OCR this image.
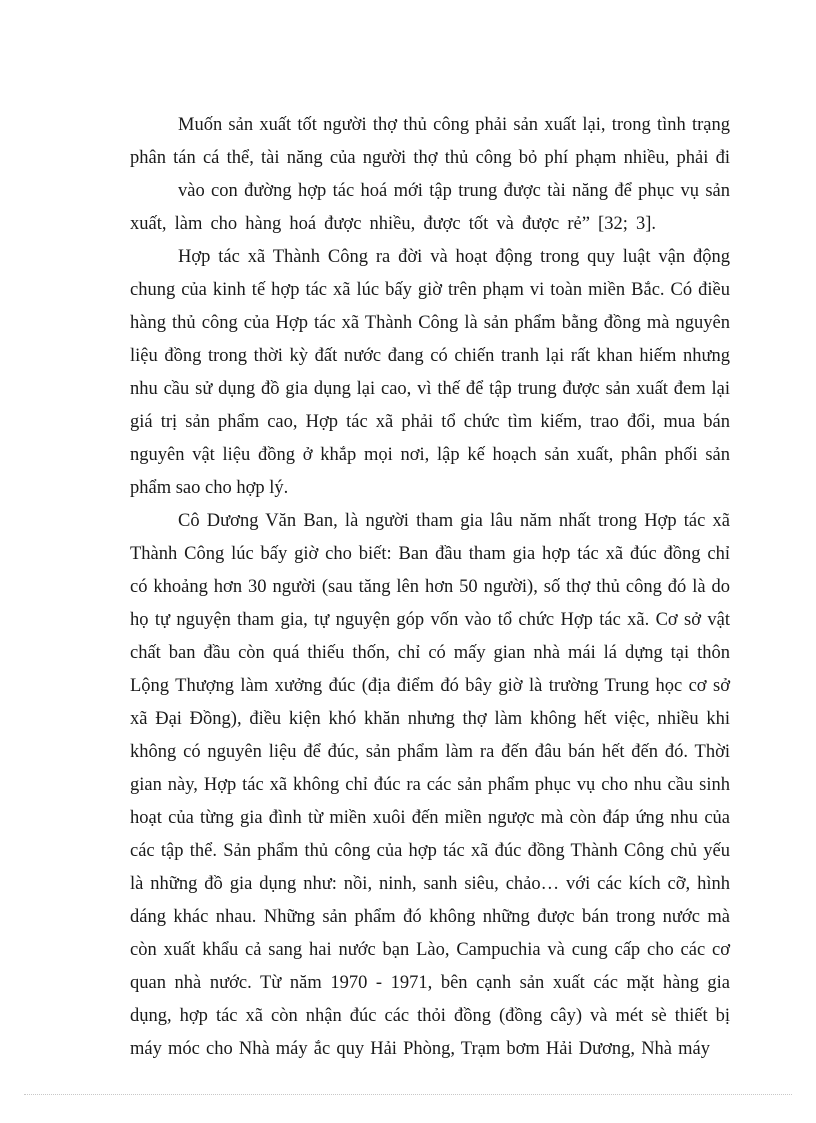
Muốn sản xuất tốt người thợ thủ công phải sản xuất lại, trong tình trạng
phân tán cá thể, tài năng của người thợ thủ công bỏ phí phạm nhiều, phải đi
vào con đường hợp tác hoá mới tập trung được tài năng để phục vụ sản
xuất, làm cho hàng hoá được nhiều, được tốt và được rẻ” [32; 3].
Hợp tác xã Thành Công ra đời và hoạt động trong quy luật vận động
chung của kinh tế hợp tác xã lúc bấy giờ trên phạm vi toàn miền Bắc. Có điều
hàng thủ công của Hợp tác xã Thành Công là sản phẩm bằng đồng mà nguyên
liệu đồng trong thời kỳ đất nước đang có chiến tranh lại rất khan hiếm nhưng
nhu cầu sử dụng đồ gia dụng lại cao, vì thế để tập trung được sản xuất đem lại
giá trị sản phẩm cao, Hợp tác xã phải tổ chức tìm kiếm, trao đổi, mua bán
nguyên vật liệu đồng ở khắp mọi nơi, lập kế hoạch sản xuất, phân phối sản
phẩm sao cho hợp lý.
Cô Dương Văn Ban, là người tham gia lâu năm nhất trong Hợp tác xã
Thành Công lúc bấy giờ cho biết: Ban đầu tham gia hợp tác xã đúc đồng chỉ
có khoảng hơn 30 người (sau tăng lên hơn 50 người), số thợ thủ công đó là do
họ tự nguyện tham gia, tự nguyện góp vốn vào tổ chức Hợp tác xã. Cơ sở vật
chất ban đầu còn quá thiếu thốn, chỉ có mấy gian nhà mái lá dựng tại thôn
Lộng Thượng làm xưởng đúc (địa điểm đó bây giờ là trường Trung học cơ sở
xã Đại Đồng), điều kiện khó khăn nhưng thợ làm không hết việc, nhiều khi
không có nguyên liệu để đúc, sản phẩm làm ra đến đâu bán hết đến đó. Thời
gian này, Hợp tác xã không chỉ đúc ra các sản phẩm phục vụ cho nhu cầu sinh
hoạt của từng gia đình từ miền xuôi đến miền ngược mà còn đáp ứng nhu của
các tập thể. Sản phẩm thủ công của hợp tác xã đúc đồng Thành Công chủ yếu
là những đồ gia dụng như: nồi, ninh, sanh siêu, chảo… với các kích cỡ, hình
dáng khác nhau. Những sản phẩm đó không những được bán trong nước mà
còn xuất khẩu cả sang hai nước bạn Lào, Campuchia và cung cấp cho các cơ
quan nhà nước. Từ năm 1970 - 1971, bên cạnh sản xuất các mặt hàng gia
dụng, hợp tác xã còn nhận đúc các thỏi đồng (đồng cây) và mét sè thiết bị
máy móc cho Nhà máy ắc quy Hải Phòng, Trạm bơm Hải Dương, Nhà máy
